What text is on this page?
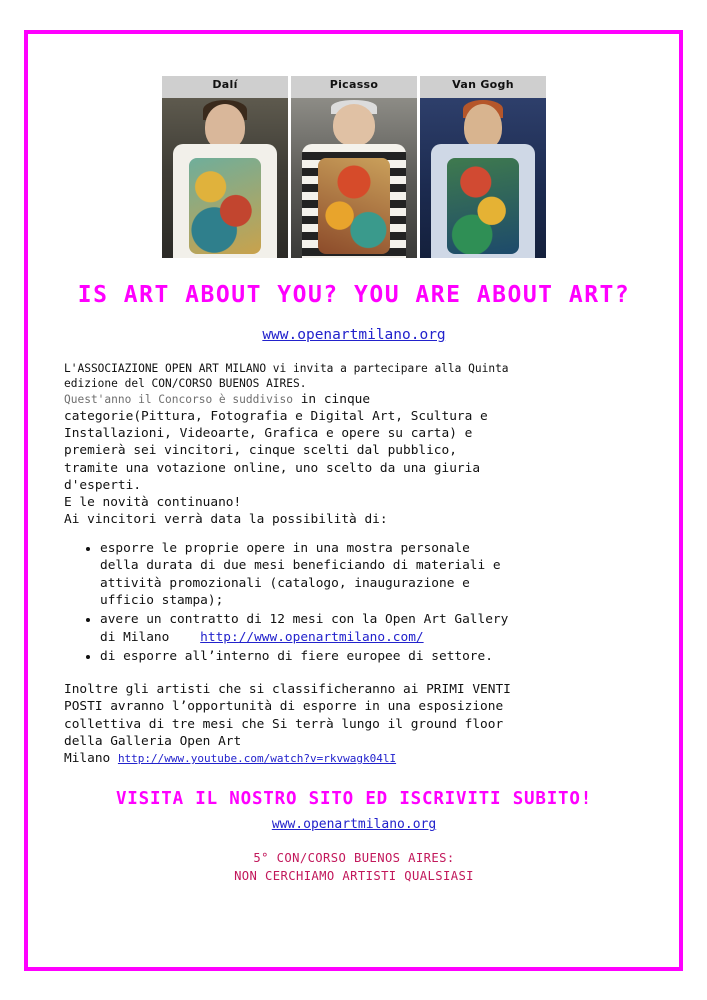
Dalí	Picasso	Van Gogh
IS ART ABOUT YOU? YOU ARE ABOUT ART?
www.openartmilano.org
L'ASSOCIAZIONE OPEN ART MILANO vi invita a partecipare alla Quinta
edizione del CON/CORSO BUENOS AIRES.
Quest'anno il Concorso è suddiviso in cinque
categorie(Pittura, Fotografia e Digital Art, Scultura e
Installazioni, Videoarte, Grafica e opere su carta) e
premierà sei vincitori, cinque scelti dal pubblico,
tramite una votazione online, uno scelto da una giuria
d'esperti.
E le novità continuano!
Ai vincitori verrà data la possibilità di:
• esporre le proprie opere in una mostra personale
della durata di due mesi beneficiando di materiali e
attività promozionali (catalogo, inaugurazione e
ufficio stampa);
• avere un contratto di 12 mesi con la Open Art Gallery
di Milano http://www.openartmilano.com/
• di esporre all’interno di fiere europee di settore.
Inoltre gli artisti che si classificheranno ai PRIMI VENTI
POSTI avranno l’opportunità di esporre in una esposizione
collettiva di tre mesi che Si terrà lungo il ground floor
della Galleria Open Art
Milano http://www.youtube.com/watch?v=rkvwagk04lI
VISITA IL NOSTRO SITO ED ISCRIVITI SUBITO!
www.openartmilano.org
5° CON/CORSO BUENOS AIRES:
NON CERCHIAMO ARTISTI QUALSIASI
